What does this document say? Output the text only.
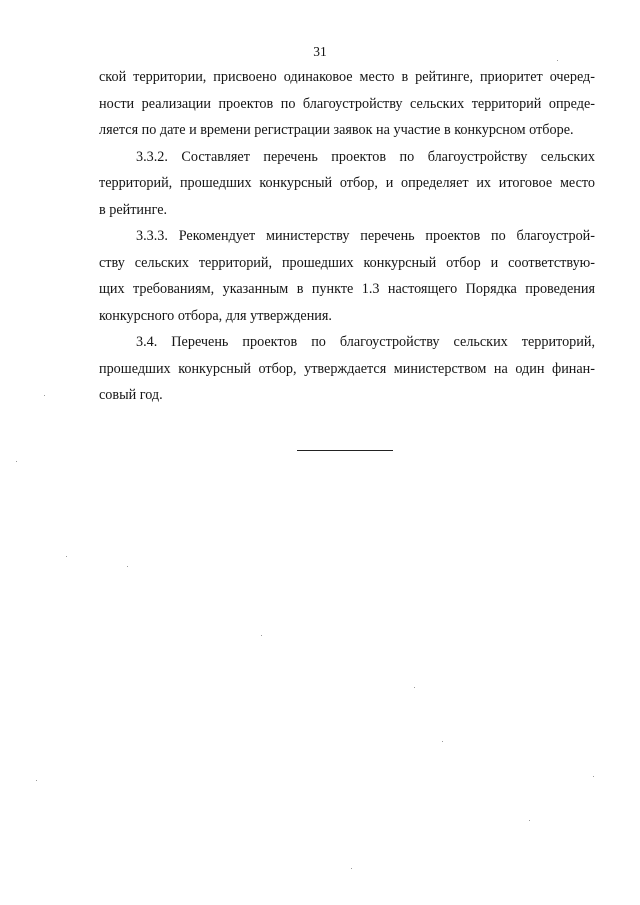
31
ской территории, присвоено одинаковое место в рейтинге, приоритет очеред-
ности реализации проектов по благоустройству сельских территорий опреде-
ляется по дате и времени регистрации заявок на участие в конкурсном отборе.
3.3.2. Составляет перечень проектов по благоустройству сельских
территорий, прошедших конкурсный отбор, и определяет их итоговое место
в рейтинге.
3.3.3. Рекомендует министерству перечень проектов по благоустрой-
ству сельских территорий, прошедших конкурсный отбор и соответствую-
щих требованиям, указанным в пункте 1.3 настоящего Порядка проведения
конкурсного отбора, для утверждения.
3.4. Перечень проектов по благоустройству сельских территорий,
прошедших конкурсный отбор, утверждается министерством на один финан-
совый год.
